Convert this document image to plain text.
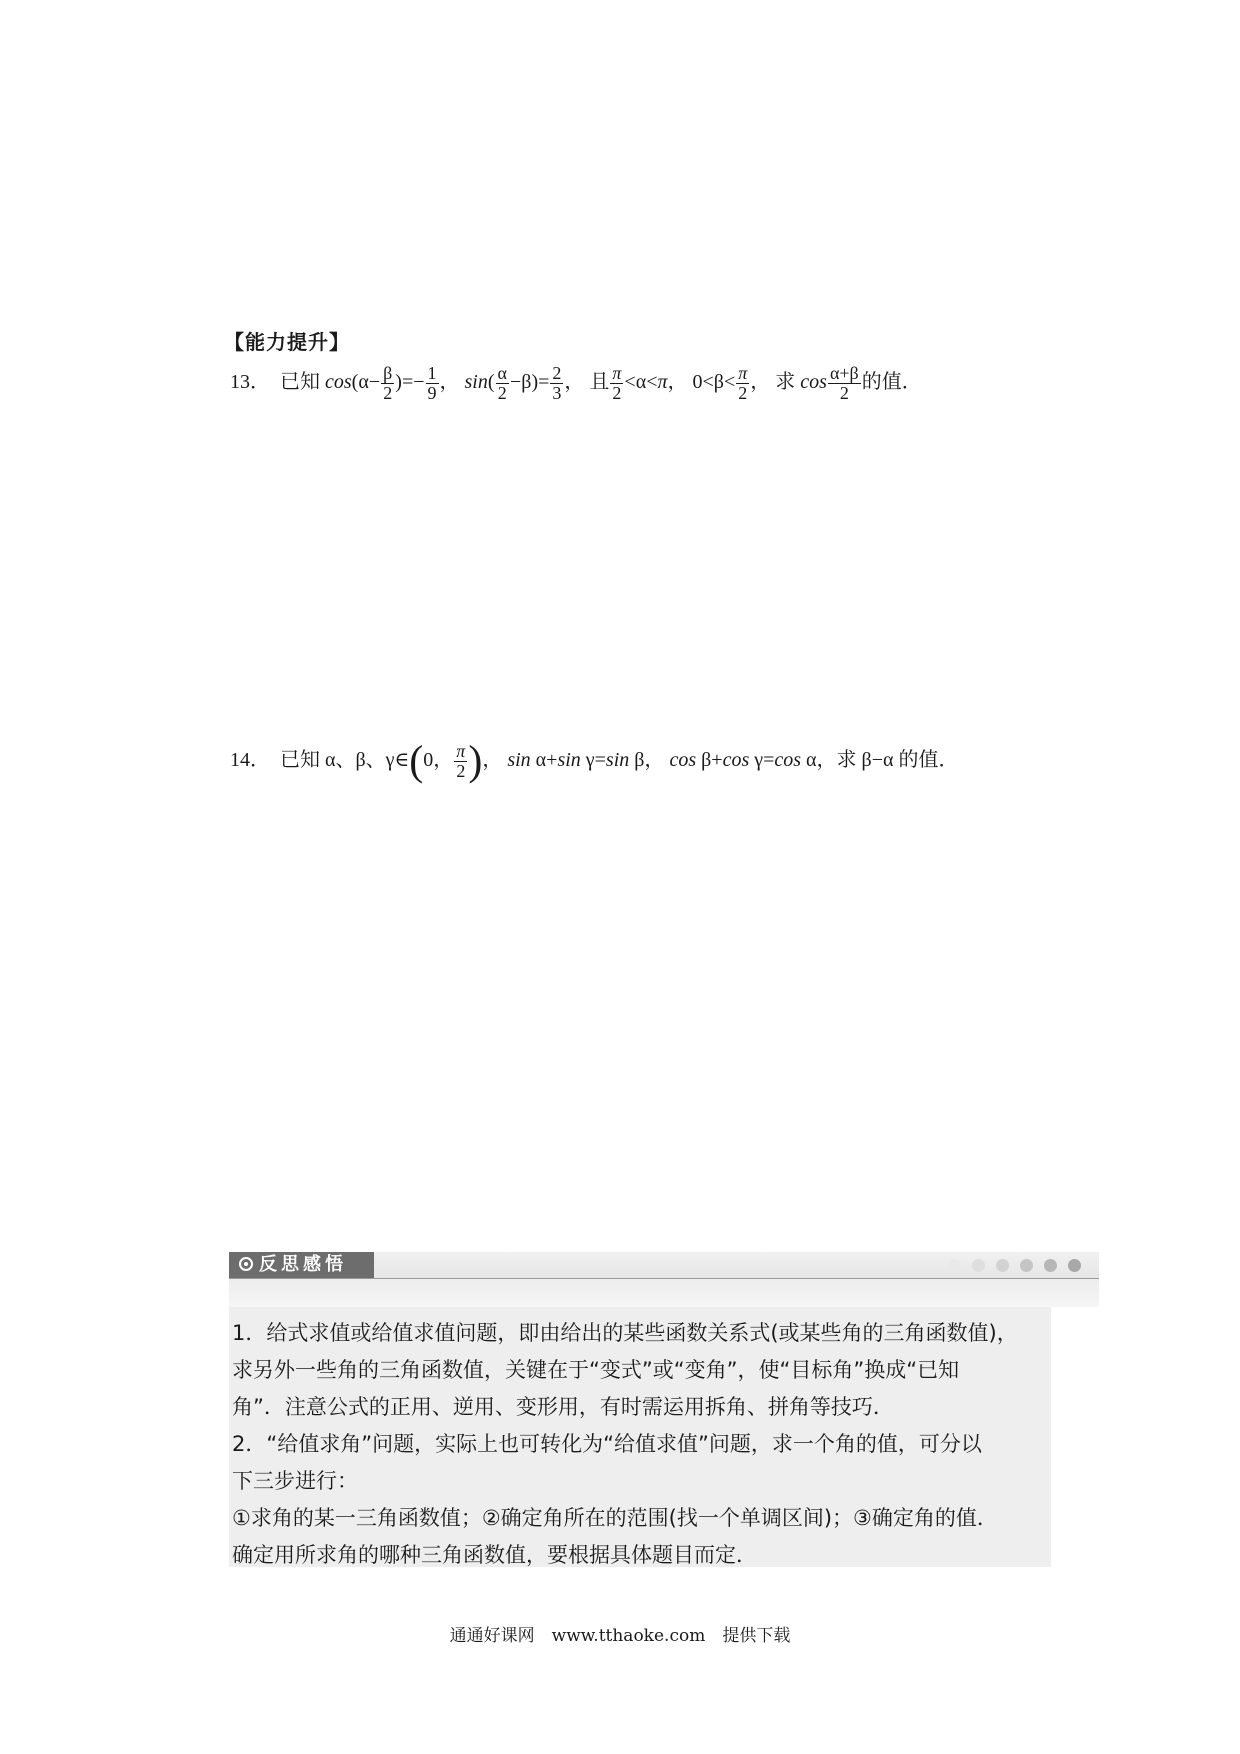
【能力提升】
13． 已知 $\cos(\alpha- \frac{\beta}{2}$ )=− $\frac{1}{9}$ ， $\sin( \frac{\alpha}{2} -\beta)= \frac{2}{3}$ ， 且 $\frac{\pi}{2} <\alpha<\pi$， $0<\beta< \frac{\pi}{2}$ ， 求 $\cos \frac{\alpha+\beta}{2}$ 的值．
14． 已知 α、β、γ∈(0， $\frac{\pi}{2}$ )， sin α+sin γ=sin β， cos β+cos γ=cos α，求 β−α 的值．
反思感悟

1．给式求值或给值求值问题，即由给出的某些函数关系式(或某些角的三角函数值)，

求另外一些角的三角函数值，关键在于“变式”或“变角”，使“目标角”换成“已知

角”．注意公式的正用、逆用、变形用，有时需运用拆角、拼角等技巧．

2．“给值求角”问题，实际上也可转化为“给值求值”问题，求一个角的值，可分以

下三步进行：

①求角的某一三角函数值；②确定角所在的范围(找一个单调区间)；③确定角的值．

确定用所求角的哪种三角函数值，要根据具体题目而定．

通通好课网　www.tthaoke.com　提供下载
